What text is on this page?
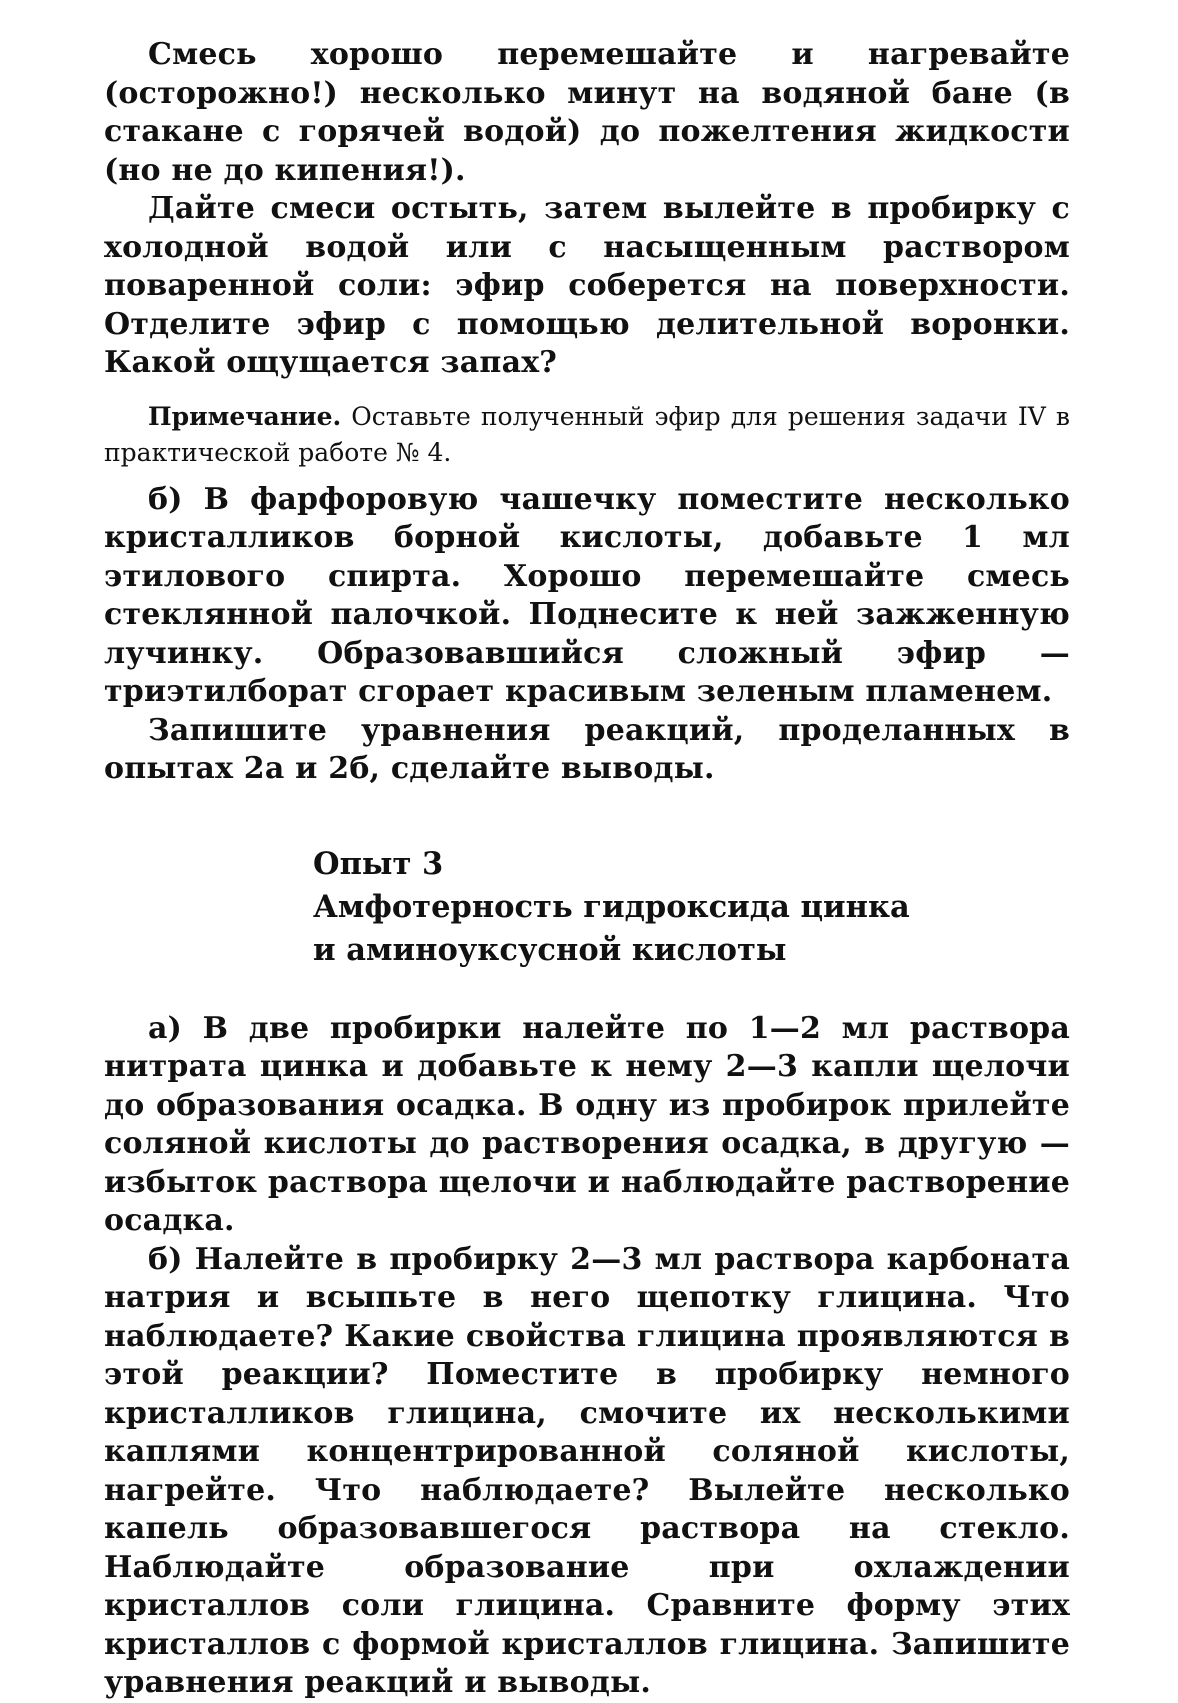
Смесь хорошо перемешайте и нагревайте (осторожно!) несколько минут на водяной бане (в стакане с горячей водой) до пожелтения жидкости (но не до кипения!).

Дайте смеси остыть, затем вылейте в пробирку с холодной водой или с насыщенным раствором поваренной соли: эфир соберется на поверхности. Отделите эфир с помощью делительной воронки. Какой ощущается запах?

Примечание. Оставьте полученный эфир для решения задачи IV в практической работе № 4.

б) В фарфоровую чашечку поместите несколько кристалликов борной кислоты, добавьте 1 мл этилового спирта. Хорошо перемешайте смесь стеклянной палочкой. Поднесите к ней зажженную лучинку. Образовавшийся сложный эфир — триэтилборат сгорает красивым зеленым пламенем.

Запишите уравнения реакций, проделанных в опытах 2а и 2б, сделайте выводы.

Опыт 3
Амфотерность гидроксида цинка
и аминоуксусной кислоты

а) В две пробирки налейте по 1—2 мл раствора нитрата цинка и добавьте к нему 2—3 капли щелочи до образования осадка. В одну из пробирок прилейте соляной кислоты до растворения осадка, в другую — избыток раствора щелочи и наблюдайте растворение осадка.

б) Налейте в пробирку 2—3 мл раствора карбоната натрия и всыпьте в него щепотку глицина. Что наблюдаете? Какие свойства глицина проявляются в этой реакции? Поместите в пробирку немного кристалликов глицина, смочите их несколькими каплями концентрированной соляной кислоты, нагрейте. Что наблюдаете? Вылейте несколько капель образовавшегося раствора на стекло. Наблюдайте образование при охлаждении кристаллов соли глицина. Сравните форму этих кристаллов с формой кристаллов глицина. Запишите уравнения реакций и выводы.
